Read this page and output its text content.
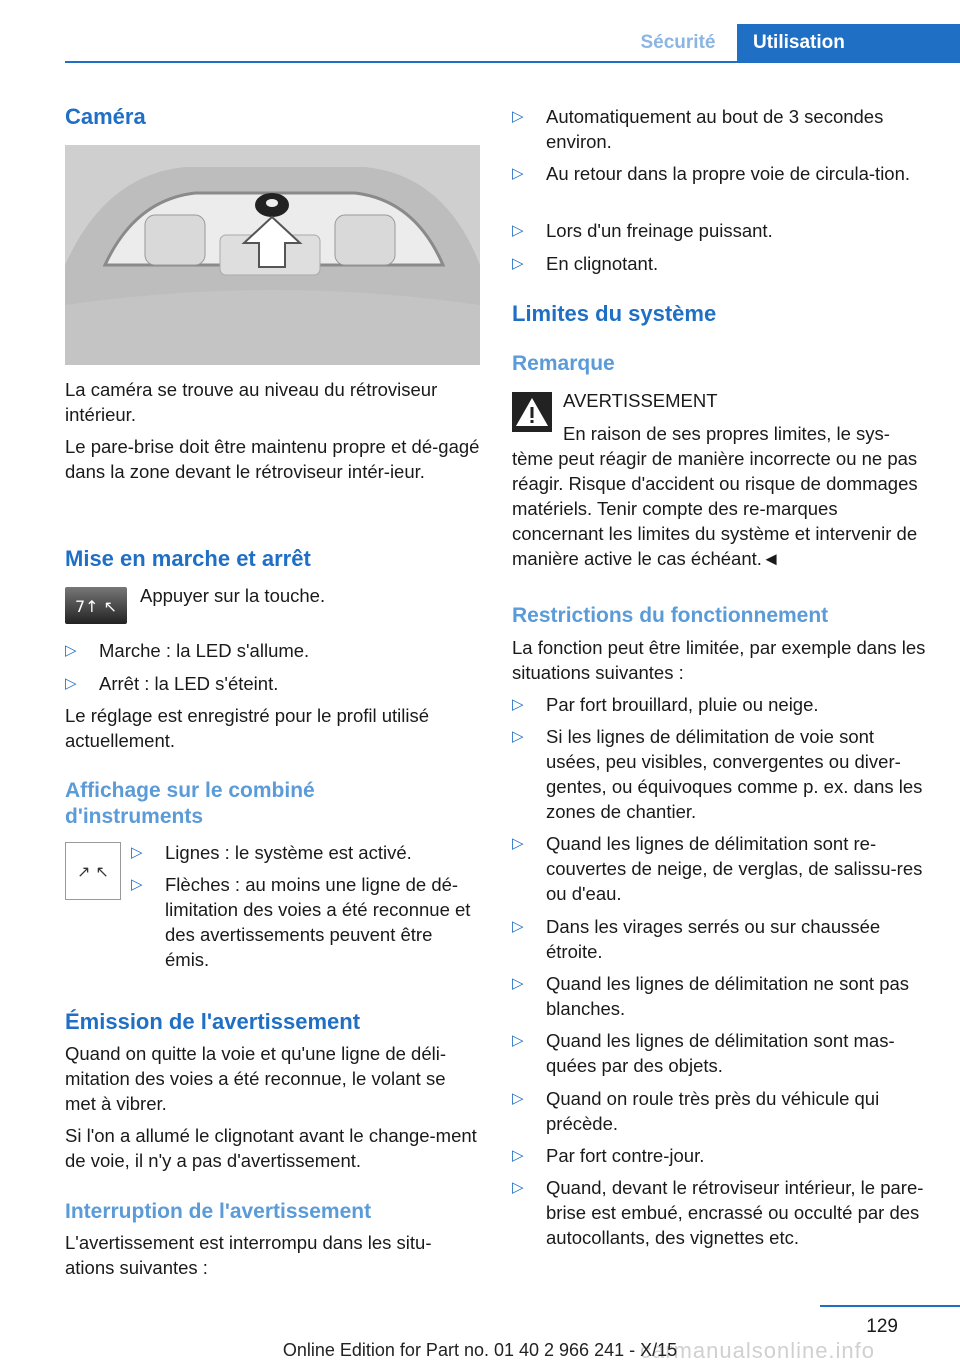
Sécurité	Utilisation
Caméra

La caméra se trouve au niveau du rétroviseur intérieur.

Le pare-brise doit être maintenu propre et dé-gagé dans la zone devant le rétroviseur intér-ieur.

Mise en marche et arrêt
7↑ ↖

Appuyer sur la touche.

▷	Marche : la LED s'allume.
▷	Arrêt : la LED s'éteint.

Le réglage est enregistré pour le profil utilisé actuellement.

Affichage sur le combiné d'instruments
↗ ↖
▷	Lignes : le système est activé.
▷	Flèches : au moins une ligne de dé-limitation des voies a été reconnue et des avertissements peuvent être émis.
Émission de l'avertissement

Quand on quitte la voie et qu'une ligne de déli-mitation des voies a été reconnue, le volant se met à vibrer.

Si l'on a allumé le clignotant avant le change-ment de voie, il n'y a pas d'avertissement.

Interruption de l'avertissement

L'avertissement est interrompu dans les situ-ations suivantes :

▷	Automatiquement au bout de 3 secondes environ.
▷	Au retour dans la propre voie de circula-tion.
▷	Lors d'un freinage puissant.
▷	En clignotant.
Limites du système
Remarque

AVERTISSEMENT

En raison de ses propres limites, le sys-

tème peut réagir de manière incorrecte ou ne pas réagir. Risque d'accident ou risque de dommages matériels. Tenir compte des re-marques concernant les limites du système et intervenir de manière active le cas échéant.◄

Restrictions du fonctionnement

La fonction peut être limitée, par exemple dans les situations suivantes :

▷	Par fort brouillard, pluie ou neige.
▷	Si les lignes de délimitation de voie sont usées, peu visibles, convergentes ou diver-gentes, ou équivoques comme p. ex. dans les zones de chantier.
▷	Quand les lignes de délimitation sont re-couvertes de neige, de verglas, de salissu-res ou d'eau.
▷	Dans les virages serrés ou sur chaussée étroite.
▷	Quand les lignes de délimitation ne sont pas blanches.
▷	Quand les lignes de délimitation sont mas-quées par des objets.
▷	Quand on roule très près du véhicule qui précède.
▷	Par fort contre-jour.
▷	Quand, devant le rétroviseur intérieur, le pare-brise est embué, encrassé ou occulté par des autocollants, des vignettes etc.
129
carmanualsonline.info
Online Edition for Part no. 01 40 2 966 241 - X/15
